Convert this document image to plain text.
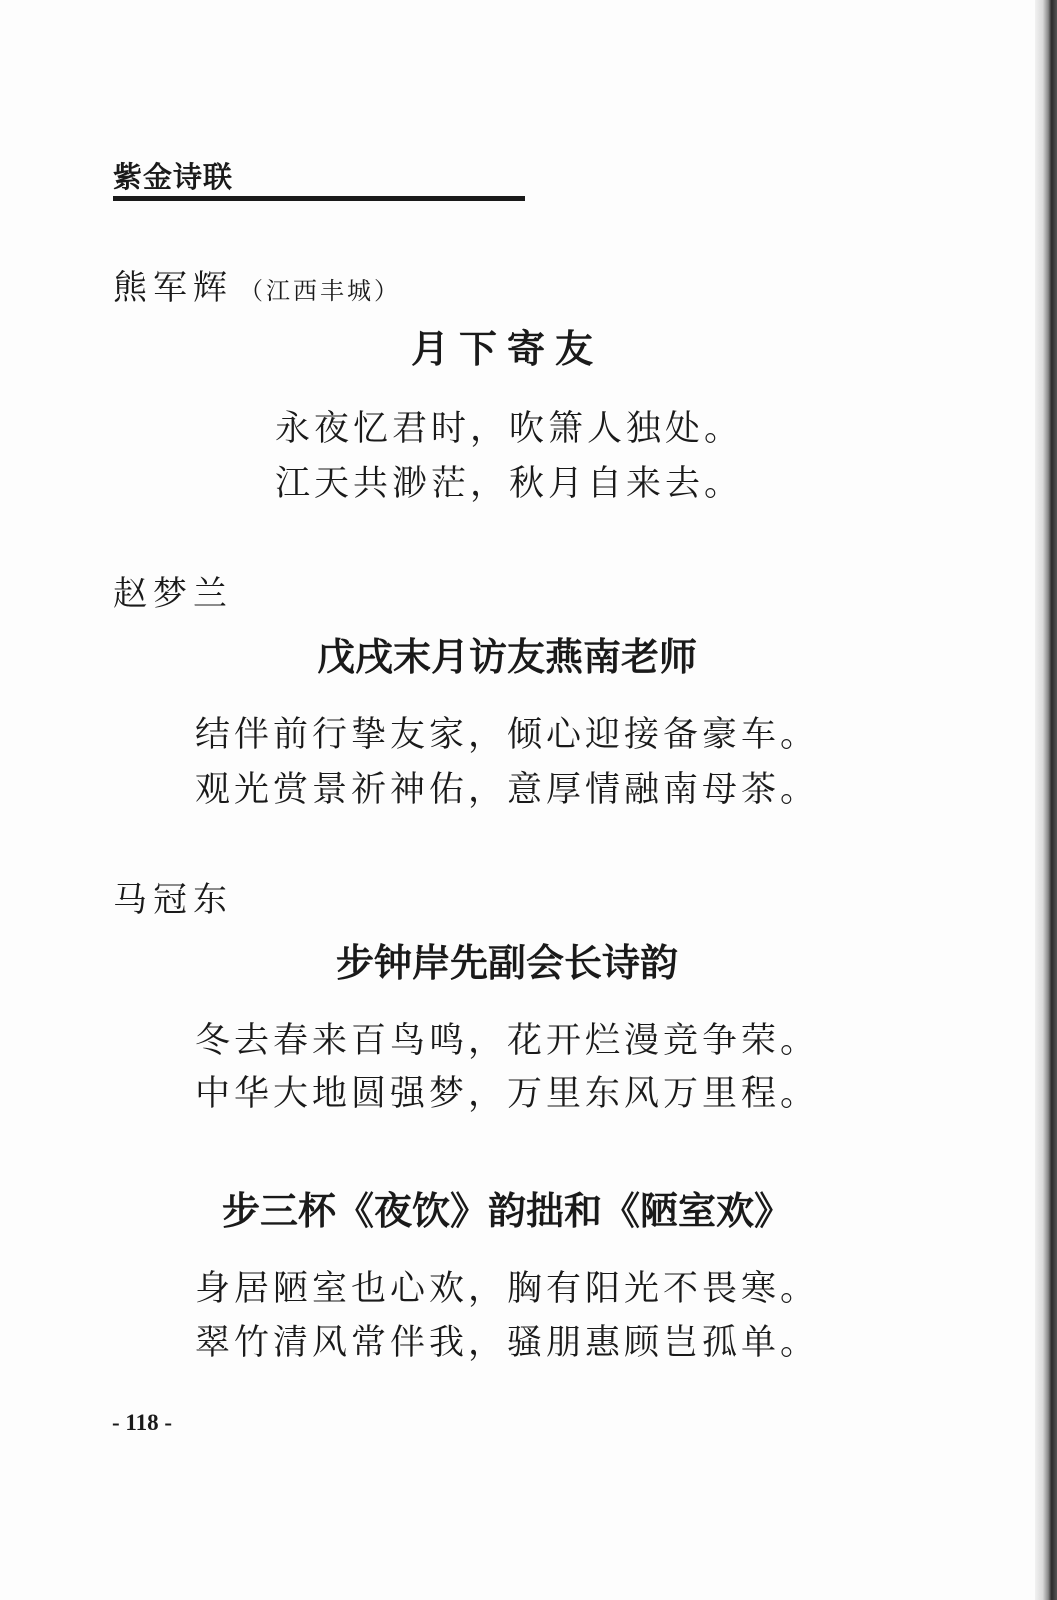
紫金诗联
熊军辉 （江西丰城）
月下寄友
永夜忆君时，吹箫人独处。
江天共渺茫，秋月自来去。
赵梦兰
戊戌末月访友燕南老师
结伴前行挚友家，倾心迎接备豪车。
观光赏景祈神佑，意厚情融南母茶。
马冠东
步钟岸先副会长诗韵
冬去春来百鸟鸣，花开烂漫竞争荣。
中华大地圆强梦，万里东风万里程。
步三杯《夜饮》韵拙和《陋室欢》
身居陋室也心欢，胸有阳光不畏寒。
翠竹清风常伴我，骚朋惠顾岂孤单。
- 118 -
